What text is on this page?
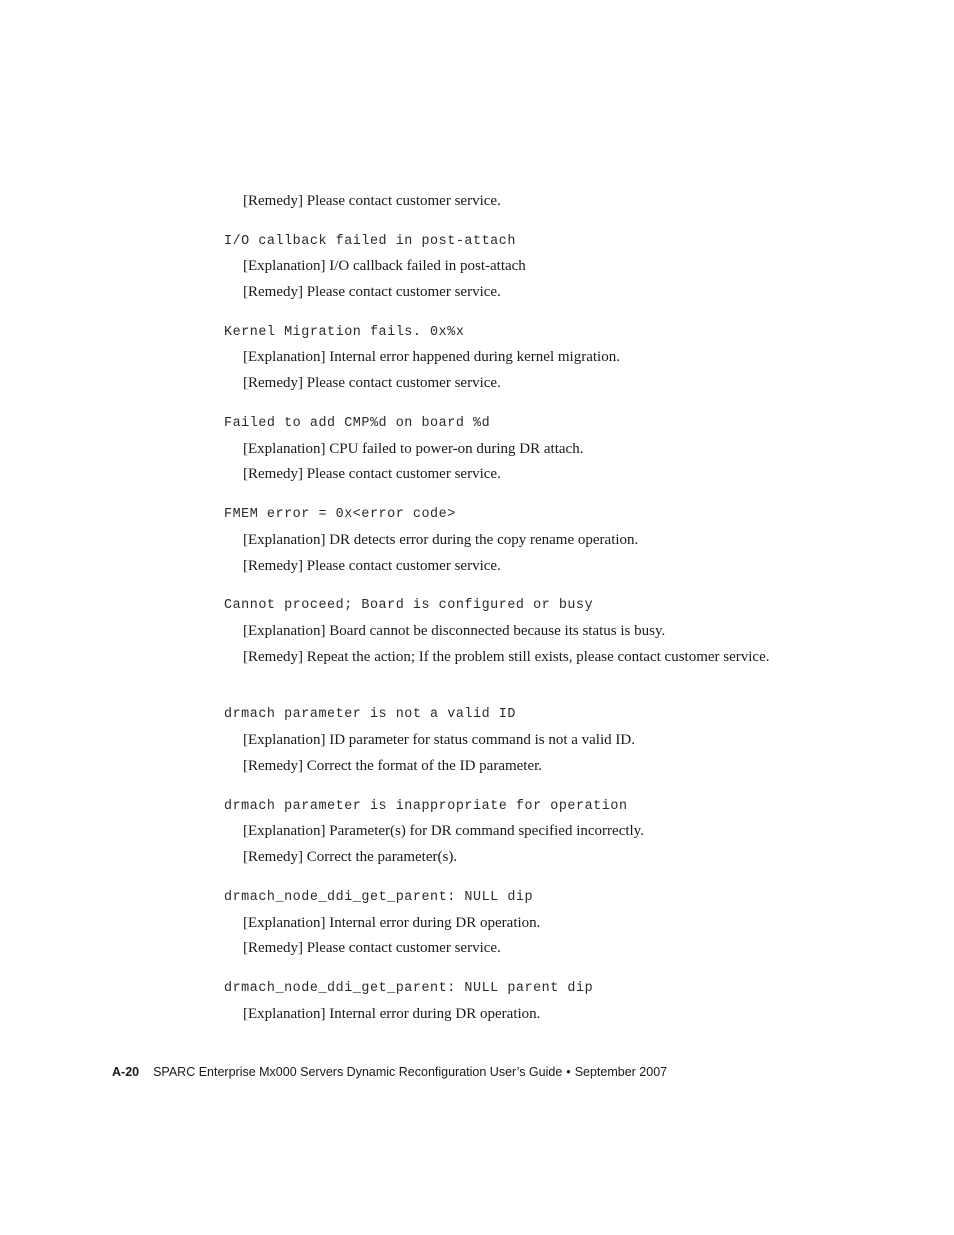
[Remedy] Please contact customer service.
I/O callback failed in post-attach
[Explanation] I/O callback failed in post-attach
[Remedy] Please contact customer service.
Kernel Migration fails. 0x%x
[Explanation] Internal error happened during kernel migration.
[Remedy] Please contact customer service.
Failed to add CMP%d on board %d
[Explanation] CPU failed to power-on during DR attach.
[Remedy] Please contact customer service.
FMEM error = 0x<error code>
[Explanation] DR detects error during the copy rename operation.
[Remedy] Please contact customer service.
Cannot proceed; Board is configured or busy
[Explanation] Board cannot be disconnected because its status is busy.
[Remedy] Repeat the action; If the problem still exists, please contact customer service.
drmach parameter is not a valid ID
[Explanation] ID parameter for status command is not a valid ID.
[Remedy] Correct the format of the ID parameter.
drmach parameter is inappropriate for operation
[Explanation] Parameter(s) for DR command specified incorrectly.
[Remedy] Correct the parameter(s).
drmach_node_ddi_get_parent: NULL dip
[Explanation] Internal error during DR operation.
[Remedy] Please contact customer service.
drmach_node_ddi_get_parent: NULL parent dip
[Explanation] Internal error during DR operation.
A-20 SPARC Enterprise Mx000 Servers Dynamic Reconfiguration User’s Guide • September 2007
